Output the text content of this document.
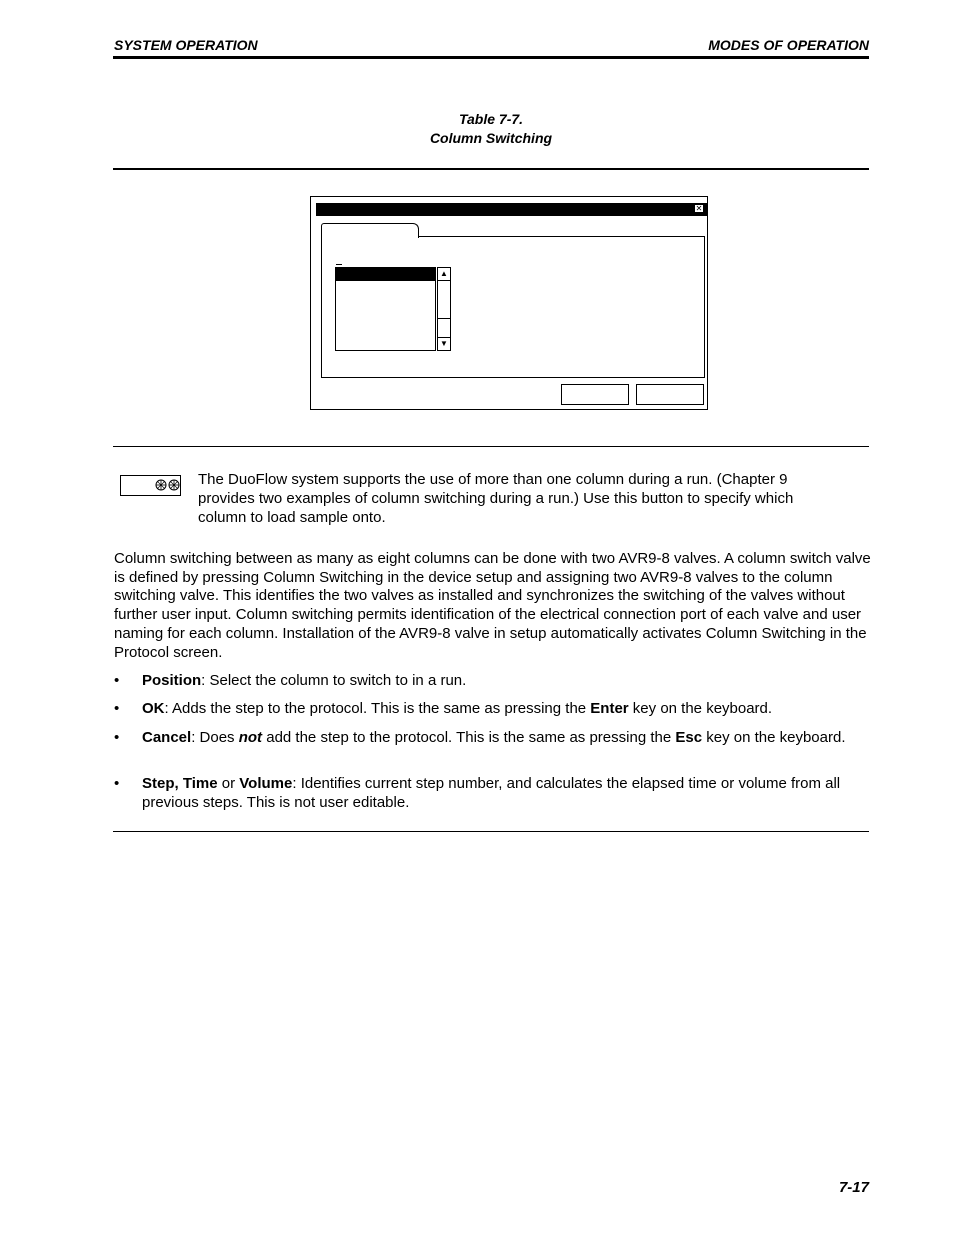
SYSTEM OPERATION	MODES OF OPERATION
Table 7-7.
Column Switching
✕
▲
▼
The DuoFlow system supports the use of more than one column during a run. (Chapter 9 provides two examples of column switching during a run.) Use this button to specify which column to load sample onto.
Column switching between as many as eight columns can be done with two AVR9-8 valves. A column switch valve is defined by pressing Column Switching in the device setup and assigning two AVR9-8 valves to the column switching valve. This identifies the two valves as installed and synchronizes the switching of the valves without further user input. Column switching permits identification of the electrical connection port of each valve and user naming for each column. Installation of the AVR9-8 valve in setup automatically activates Column Switching in the Protocol screen.
• Position: Select the column to switch to in a run.
• OK: Adds the step to the protocol. This is the same as pressing the Enter key on the keyboard.
• Cancel: Does not add the step to the protocol. This is the same as pressing the Esc key on the keyboard.
• Step, Time or Volume: Identifies current step number, and calculates the elapsed time or volume from all previous steps. This is not user editable.
7-17
